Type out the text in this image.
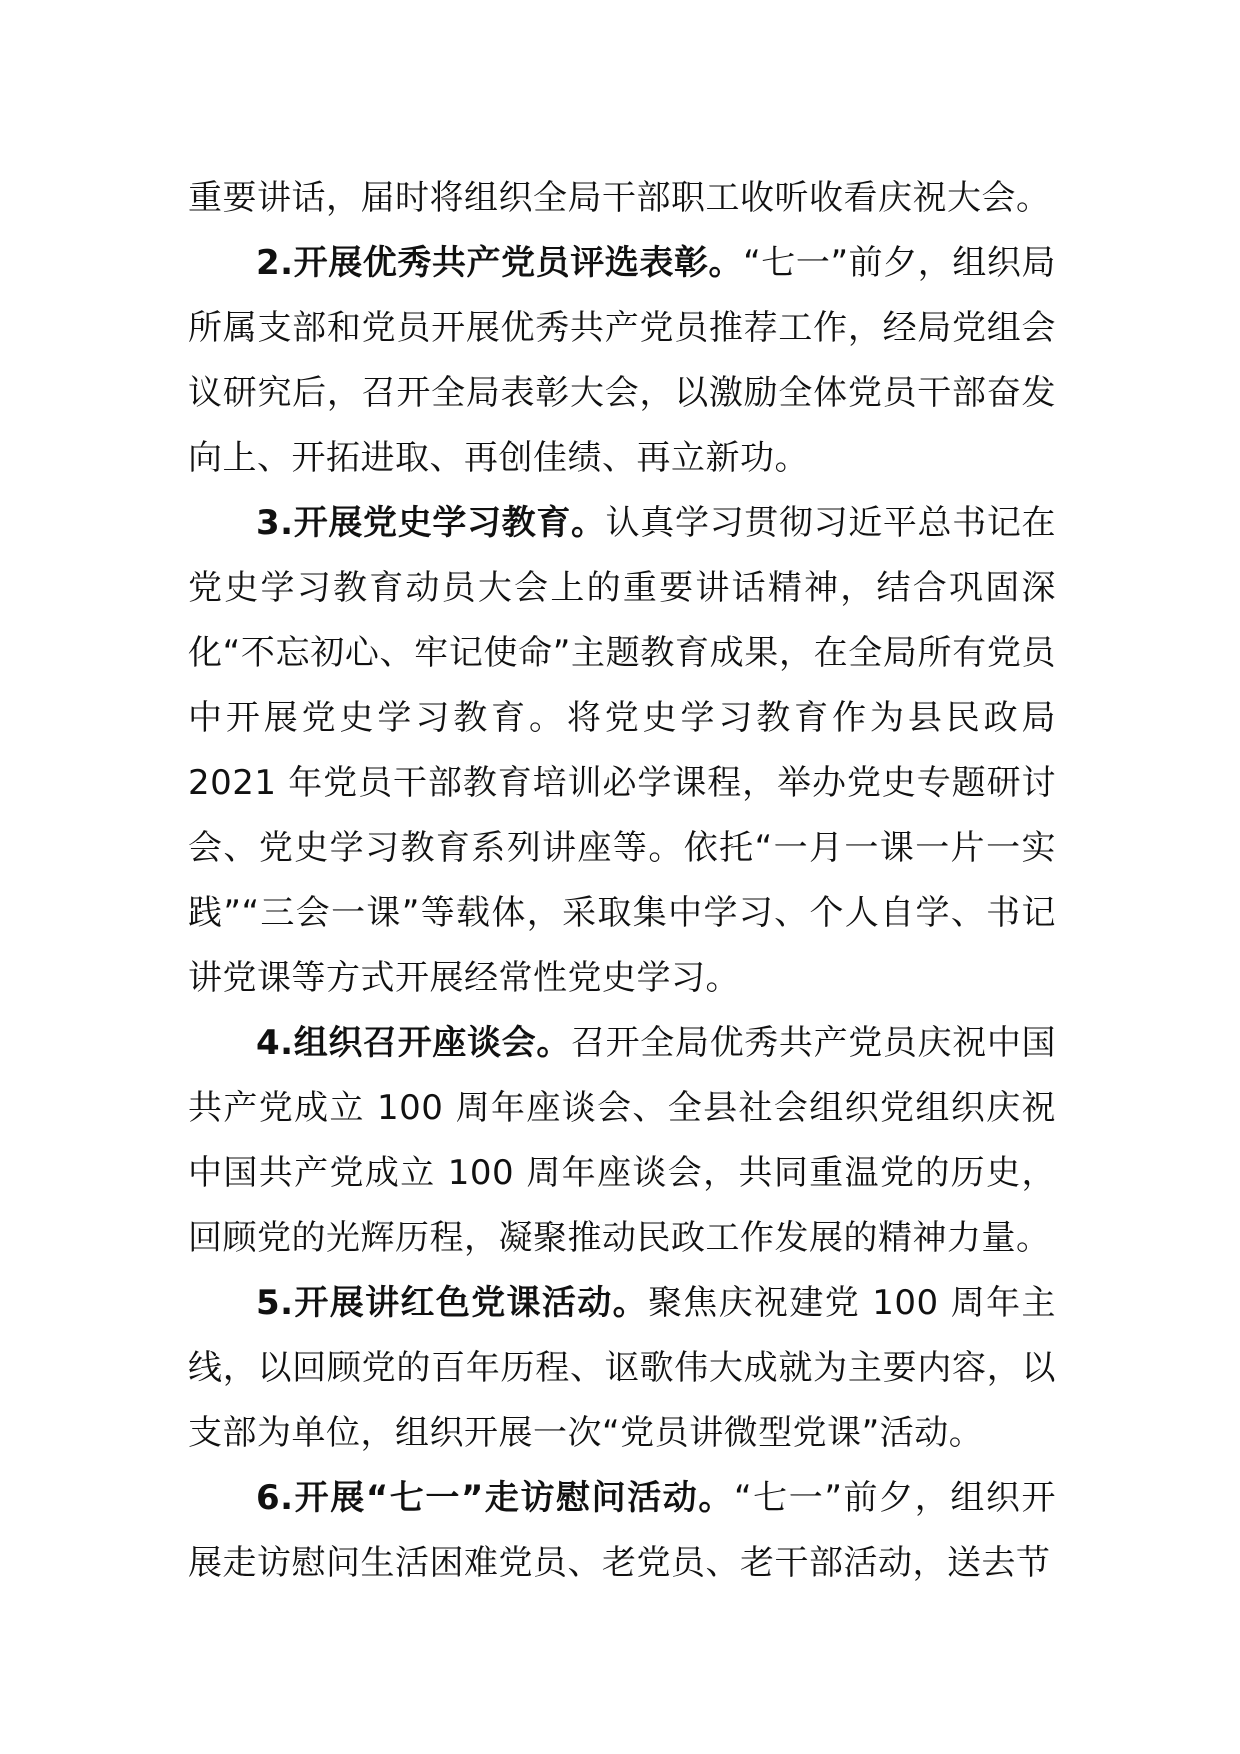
重要讲话，届时将组织全局干部职工收听收看庆祝大会。

2.开展优秀共产党员评选表彰。“七一”前夕，组织局所属支部和党员开展优秀共产党员推荐工作，经局党组会议研究后，召开全局表彰大会，以激励全体党员干部奋发向上、开拓进取、再创佳绩、再立新功。

3.开展党史学习教育。认真学习贯彻习近平总书记在党史学习教育动员大会上的重要讲话精神，结合巩固深化“不忘初心、牢记使命”主题教育成果，在全局所有党员中开展党史学习教育。将党史学习教育作为县民政局 2021 年党员干部教育培训必学课程，举办党史专题研讨会、党史学习教育系列讲座等。依托“一月一课一片一实践”“三会一课”等载体，采取集中学习、个人自学、书记讲党课等方式开展经常性党史学习。

4.组织召开座谈会。召开全局优秀共产党员庆祝中国共产党成立 100 周年座谈会、全县社会组织党组织庆祝中国共产党成立 100 周年座谈会，共同重温党的历史，回顾党的光辉历程，凝聚推动民政工作发展的精神力量。

5.开展讲红色党课活动。聚焦庆祝建党 100 周年主线，以回顾党的百年历程、讴歌伟大成就为主要内容，以支部为单位，组织开展一次“党员讲微型党课”活动。

6.开展“七一”走访慰问活动。“七一”前夕，组织开展走访慰问生活困难党员、老党员、老干部活动，送去节
